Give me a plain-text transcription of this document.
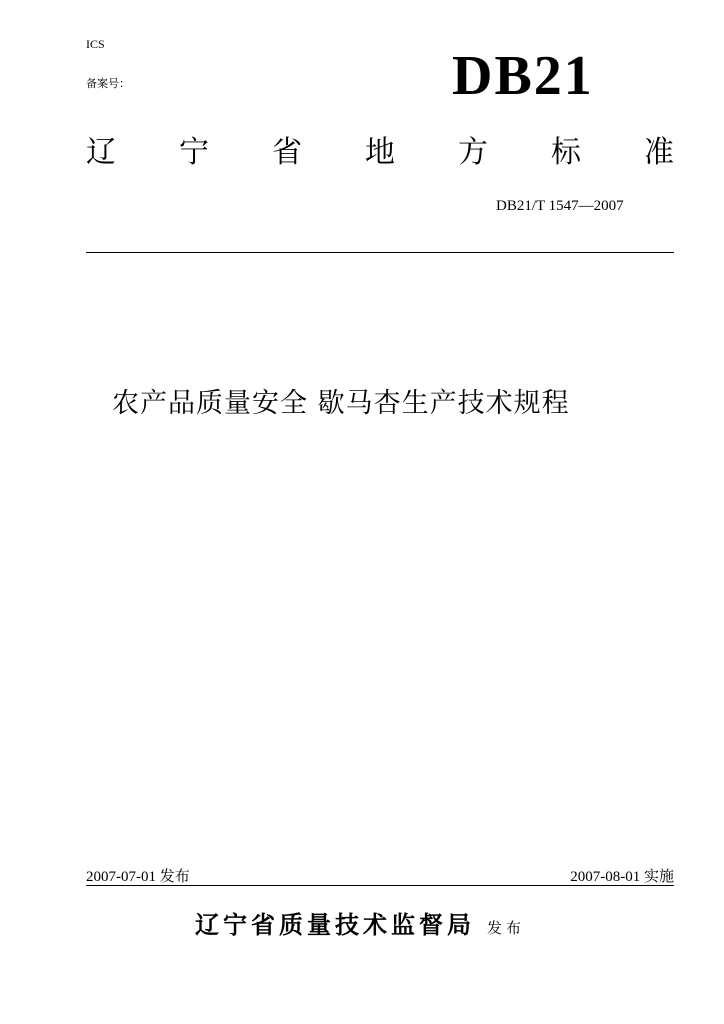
ICS
备案号：	DB21
辽 宁 省 地 方 标 准
DB21/T 1547—2007
农产品质量安全 歇马杏生产技术规程
2007-07-01 发布	2007-08-01 实施
辽宁省质量技术监督局 发布
